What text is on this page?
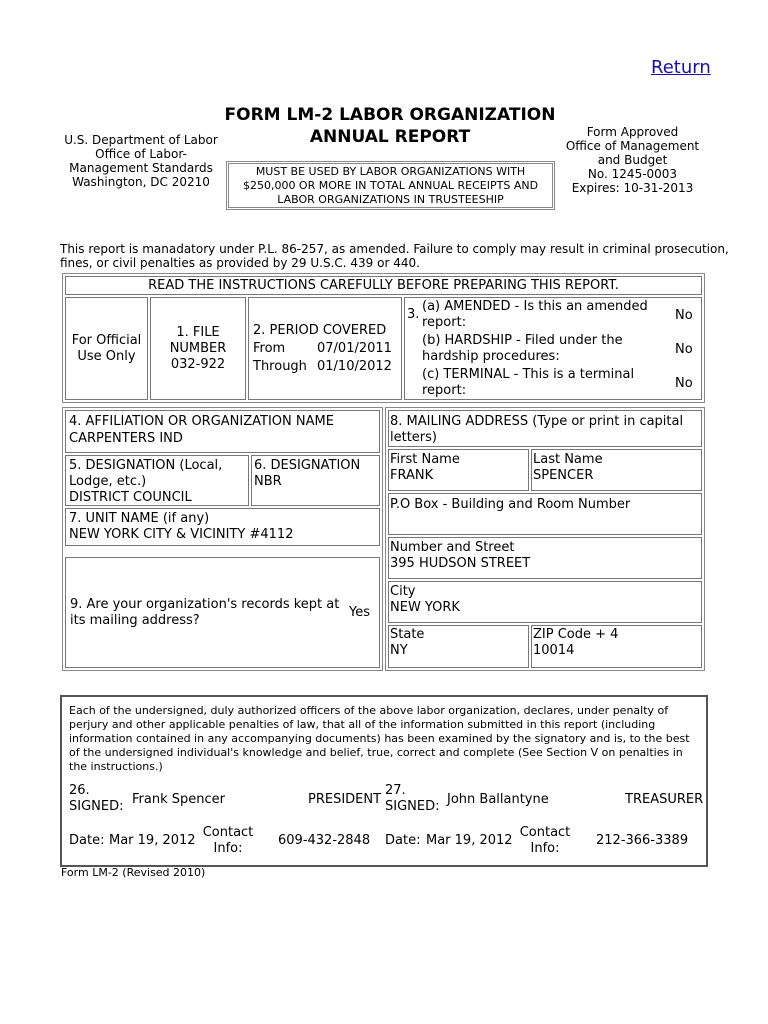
Return
U.S. Department of Labor
Office of Labor-
Management Standards
Washington, DC 20210
FORM LM-2 LABOR ORGANIZATION
ANNUAL REPORT
MUST BE USED BY LABOR ORGANIZATIONS WITH
$250,000 OR MORE IN TOTAL ANNUAL RECEIPTS AND
LABOR ORGANIZATIONS IN TRUSTEESHIP
Form Approved
Office of Management
and Budget
No. 1245-0003
Expires: 10-31-2013
This report is manadatory under P.L. 86-257, as amended. Failure to comply may result in criminal prosecution,
fines, or civil penalties as provided by 29 U.S.C. 439 or 440.
READ THE INSTRUCTIONS CAREFULLY BEFORE PREPARING THIS REPORT.
For Official
Use Only
1. FILE
NUMBER
032-922
2. PERIOD COVERED
From 07/01/2011
Through 01/10/2012
3.
(a) AMENDED - Is this an amended
report:	No
(b) HARDSHIP - Filed under the
hardship procedures:	No
(c) TERMINAL - This is a terminal
report:	No
4. AFFILIATION OR ORGANIZATION NAME
CARPENTERS IND
5. DESIGNATION (Local,
Lodge, etc.)
DISTRICT COUNCIL
6. DESIGNATION
NBR
7. UNIT NAME (if any)
NEW YORK CITY & VICINITY #4112
9. Are your organization's records kept at
its mailing address?
Yes
8. MAILING ADDRESS (Type or print in capital
letters)
First Name
FRANK
Last Name
SPENCER
P.O Box - Building and Room Number
Number and Street
395 HUDSON STREET
City
NEW YORK
State
NY
ZIP Code + 4
10014
Each of the undersigned, duly authorized officers of the above labor organization, declares, under penalty of
perjury and other applicable penalties of law, that all of the information submitted in this report (including
information contained in any accompanying documents) has been examined by the signatory and is, to the best
of the undersigned individual's knowledge and belief, true, correct and complete (See Section V on penalties in
the instructions.)
26.
SIGNED: Frank Spencer	PRESIDENT
Date: Mar 19, 2012
Contact
Info:
609-432-2848
27.
SIGNED: John Ballantyne	TREASURER
Date: Mar 19, 2012
Contact
Info:
212-366-3389
Form LM-2 (Revised 2010)
